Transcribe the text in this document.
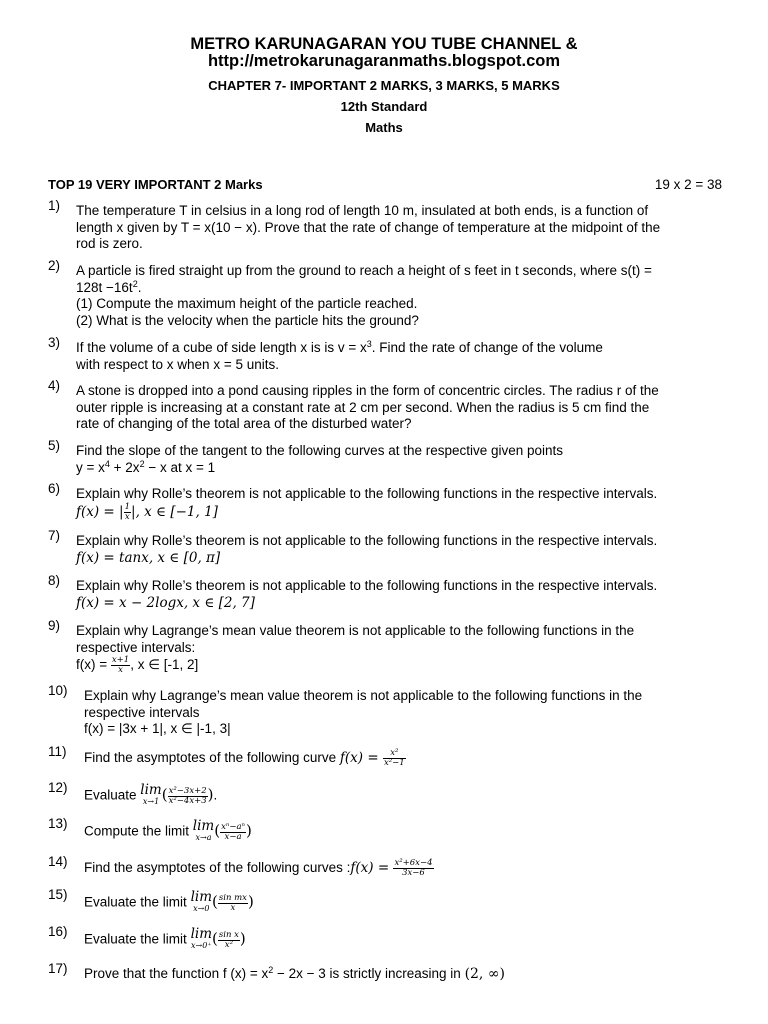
METRO KARUNAGARAN YOU TUBE CHANNEL &
http://metrokarunagaranmaths.blogspot.com
CHAPTER 7- IMPORTANT 2 MARKS, 3 MARKS, 5 MARKS
12th Standard
Maths
TOP 19 VERY IMPORTANT 2 Marks	19 x 2 = 38
1) The temperature T in celsius in a long rod of length 10 m, insulated at both ends, is a function of
length x given by T = x(10 − x). Prove that the rate of change of temperature at the midpoint of the
rod is zero.
2) A particle is fired straight up from the ground to reach a height of s feet in t seconds, where s(t) =
$128t -16t^2$.
(1) Compute the maximum height of the particle reached.
(2) What is the velocity when the particle hits the ground?
3) If the volume of a cube of side length x is is $v = x^3$. Find the rate of change of the volume
with respect to x when x = 5 units.
4) A stone is dropped into a pond causing ripples in the form of concentric circles. The radius r of the
outer ripple is increasing at a constant rate at 2 cm per second. When the radius is 5 cm find the
rate of changing of the total area of the disturbed water?
5) Find the slope of the tangent to the following curves at the respective given points
$y = x^4 + 2x^2 - x$ at x = 1
6) Explain why Rolle’s theorem is not applicable to the following functions in the respective intervals.
f(x) = | $\frac{1}{x}$ |, x ∈ [−1, 1]
7) Explain why Rolle’s theorem is not applicable to the following functions in the respective intervals.
f(x) = tanx, x ∈ [0, π]
8) Explain why Rolle’s theorem is not applicable to the following functions in the respective intervals.
f(x) = x − 2logx, x ∈ [2, 7]
9) Explain why Lagrange’s mean value theorem is not applicable to the following functions in the
respective intervals:
$f(x) = \frac{x+1}{x}$ , x ∈ [-1, 2]
10) Explain why Lagrange’s mean value theorem is not applicable to the following functions in the
respective intervals
f(x) = |3x + 1|, x ∈ |-1, 3|
11) Find the asymptotes of the following curve $f(x) = \frac{\text{x²}}{\text{x²−1}}$
12)
Evaluate lim
x→1 ( $\frac{\text{x²−3x+2}}{\text{x²−4x+3}}$ ).
13)
Compute the limit lim
x→a ( $\frac{\text{xⁿ−aⁿ}}{x-a}$ )
14) Find the asymptotes of the following curves :f(x) = $\frac{\text{x²+6x−4}}{3x-6}$
15)
Evaluate the limit lim
x→0 ( $\frac{\text{sin mx}}{x}$ )
16)
Evaluate the limit lim
x→0⁺ ( $\frac{\text{sin x}}{\text{x²}}$ )
17) Prove that the function f $(x) = x^2 - 2x - 3$ is strictly increasing in (2, ∞)
